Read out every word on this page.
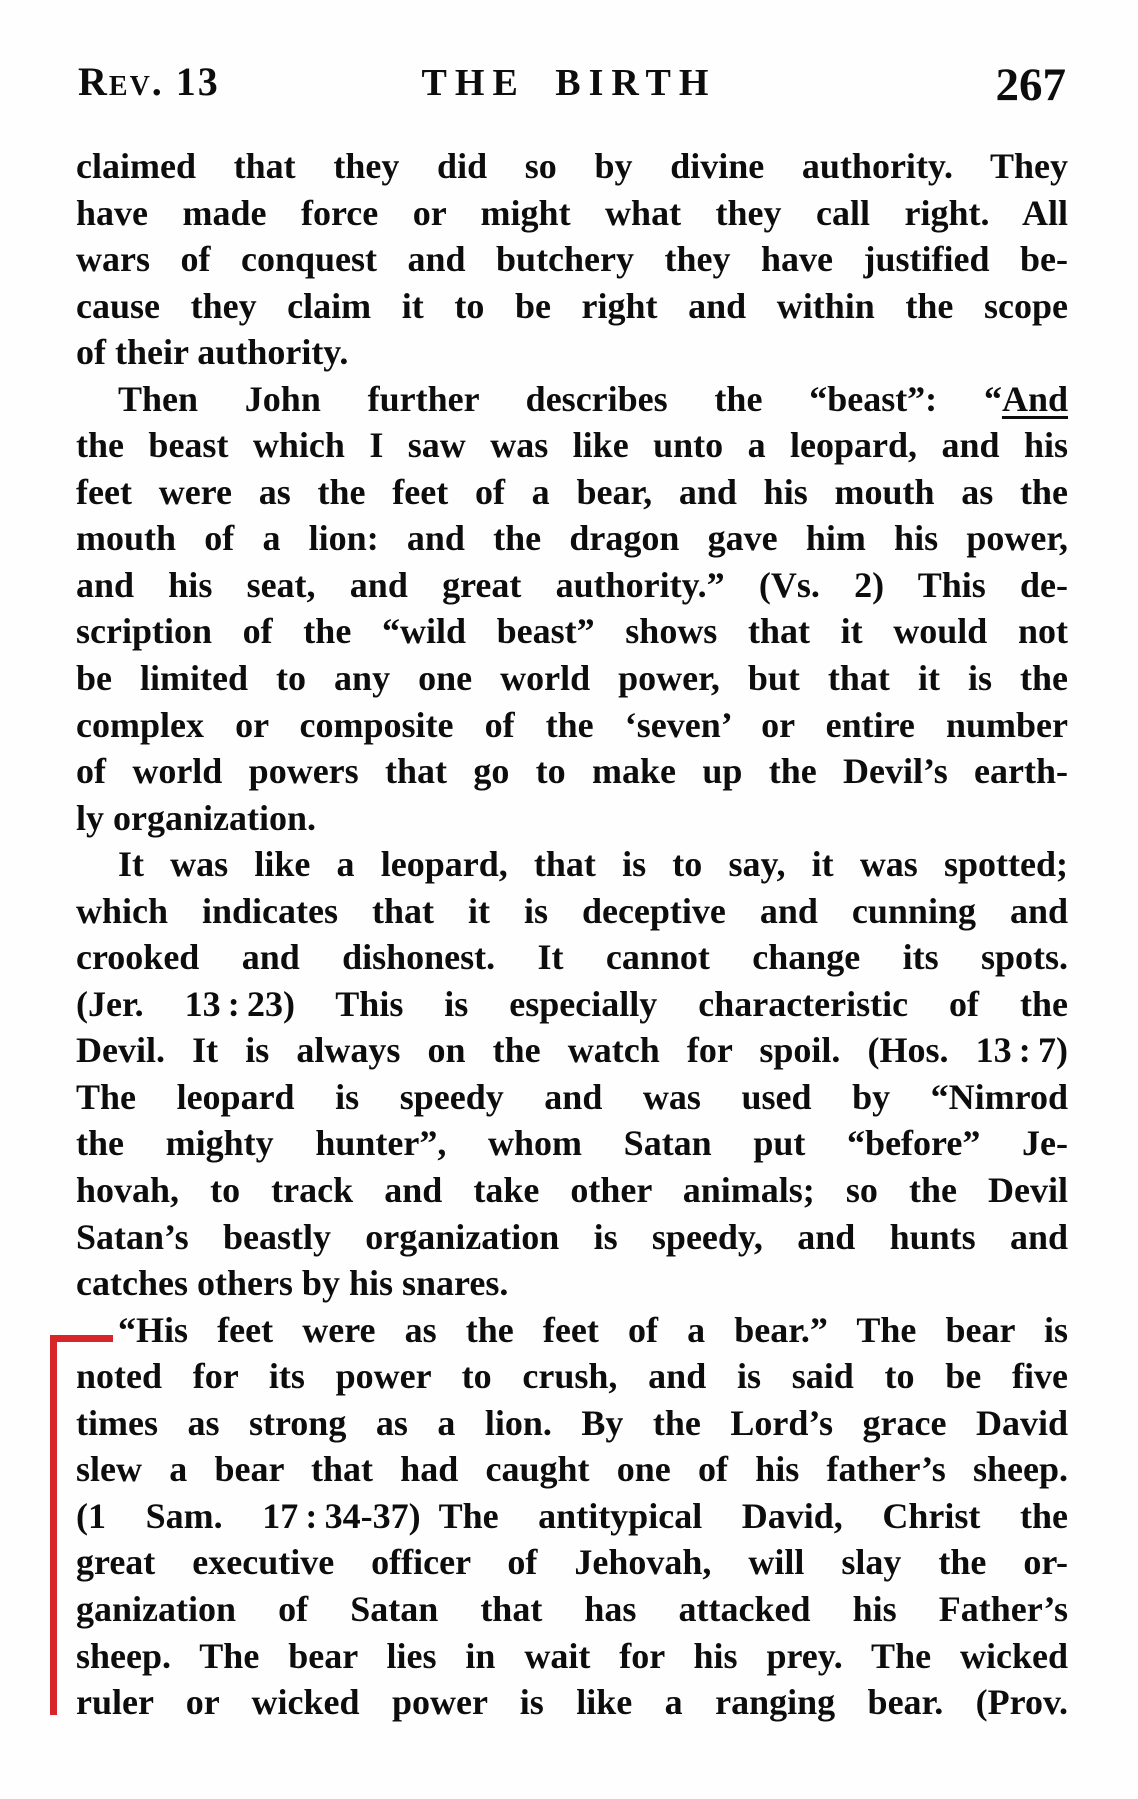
Rev. 13	THE BIRTH	267
claimed that they did so by divine authority. They
have made force or might what they call right. All
wars of conquest and butchery they have justified be-
cause they claim it to be right and within the scope
of their authority.
Then John further describes the “beast”: “And
the beast which I saw was like unto a leopard, and his
feet were as the feet of a bear, and his mouth as the
mouth of a lion: and the dragon gave him his power,
and his seat, and great authority.” (Vs. 2) This de-
scription of the “wild beast” shows that it would not
be limited to any one world power, but that it is the
complex or composite of the ‘seven’ or entire number
of world powers that go to make up the Devil’s earth-
ly organization.
It was like a leopard, that is to say, it was spotted;
which indicates that it is deceptive and cunning and
crooked and dishonest. It cannot change its spots.
(Jer. 13 : 23) This is especially characteristic of the
Devil. It is always on the watch for spoil. (Hos. 13 : 7)
The leopard is speedy and was used by “Nimrod
the mighty hunter”, whom Satan put “before” Je-
hovah, to track and take other animals; so the Devil
Satan’s beastly organization is speedy, and hunts and
catches others by his snares.
“His feet were as the feet of a bear.” The bear is
noted for its power to crush, and is said to be five
times as strong as a lion. By the Lord’s grace David
slew a bear that had caught one of his father’s sheep.
(1 Sam. 17 : 34-37) The antitypical David, Christ the
great executive officer of Jehovah, will slay the or-
ganization of Satan that has attacked his Father’s
sheep. The bear lies in wait for his prey. The wicked
ruler or wicked power is like a ranging bear. (Prov.
